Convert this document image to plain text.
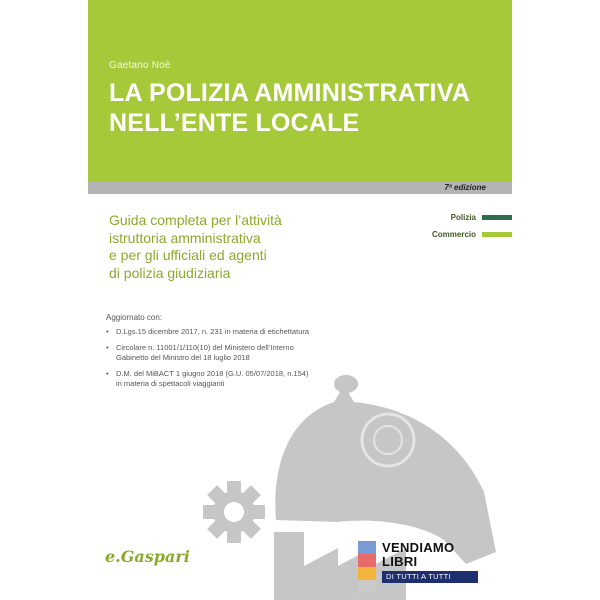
Gaetano Noè
LA POLIZIA AMMINISTRATIVA
NELL’ENTE LOCALE
7ª edizione
Guida completa per l’attività
istruttoria amministrativa
e per gli ufficiali ed agenti
di polizia giudiziaria
Polizia
Commercio
Aggiornato con:
• D.Lgs.15 dicembre 2017, n. 231 in materia di etichettatura
• Circolare n. 11001/1/110(10) del Ministero dell’Interno
Gabinetto del Ministro del 18 luglio 2018
• D.M. del MiBACT 1 giugno 2018 (G.U. 05/07/2018, n.154)
in materia di spettacoli viaggianti
e.Gaspari	VENDIAMO
LIBRI
DI TUTTI A TUTTI
